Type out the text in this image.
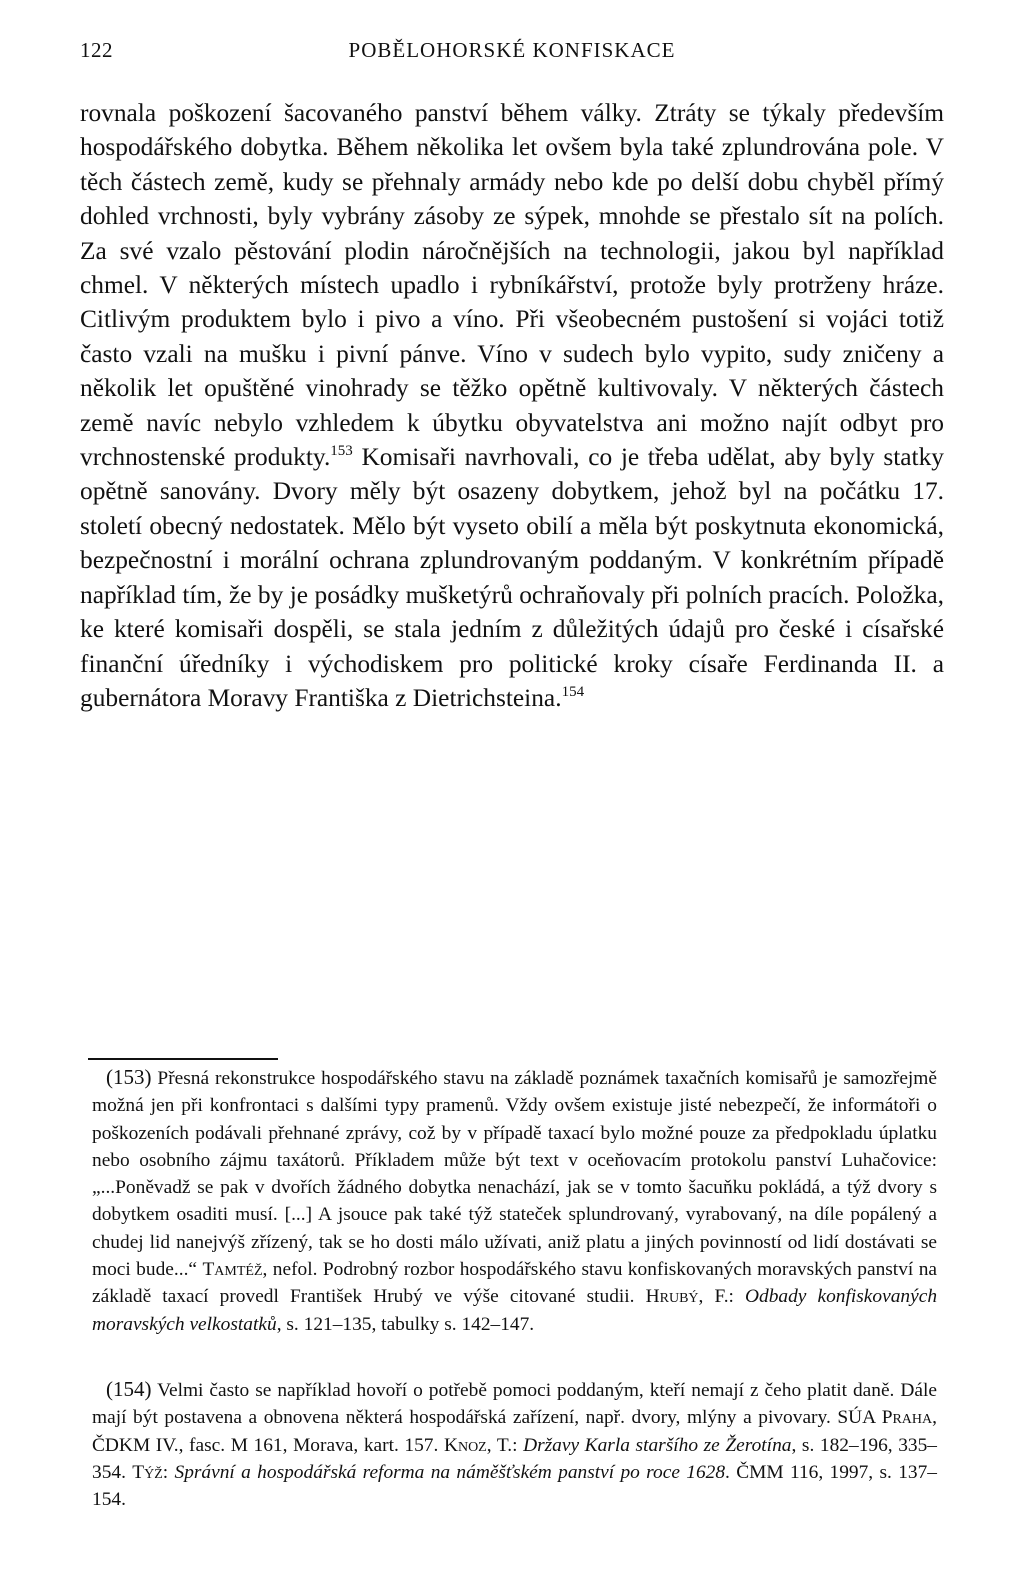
122	POBĚLOHORSKÉ KONFISKACE

rovnala poškození šacovaného panství během války. Ztráty se týkaly především hospodářského dobytka. Během několika let ovšem byla také zplundrována pole. V těch částech země, kudy se přehnaly armády nebo kde po delší dobu chyběl přímý dohled vrchnosti, byly vybrány zásoby ze sýpek, mnohde se přestalo sít na polích. Za své vzalo pěstování plodin náročnějších na technologii, jakou byl například chmel. V některých místech upadlo i rybníkářství, protože byly protrženy hráze. Citlivým produktem bylo i pivo a víno. Při všeobecném pustošení si vojáci totiž často vzali na mušku i pivní pánve. Víno v sudech bylo vypito, sudy zničeny a několik let opuštěné vinohrady se těžko opětně kultivovaly. V některých částech země navíc nebylo vzhledem k úbytku obyvatelstva ani možno najít odbyt pro vrchnostenské produkty.$^{153}$ Komisaři navrhovali, co je třeba udělat, aby byly statky opětně sanovány. Dvory měly být osazeny dobytkem, jehož byl na počátku 17. století obecný nedostatek. Mělo být vyseto obilí a měla být poskytnuta ekonomická, bezpečnostní i morální ochrana zplundrovaným poddaným. V konkrétním případě například tím, že by je posádky mušketýrů ochraňovaly při polních pracích. Položka, ke které komisaři dospěli, se stala jedním z důležitých údajů pro české i císařské finanční úředníky i východiskem pro politické kroky císaře Ferdinanda II. a gubernátora Moravy Františka z Dietrichsteina.$^{154}$

(153) Přesná rekonstrukce hospodářského stavu na základě poznámek taxačních komisařů je samozřejmě možná jen při konfrontaci s dalšími typy pramenů. Vždy ovšem existuje jisté nebezpečí, že informátoři o poškozeních podávali přehnané zprávy, což by v případě taxací bylo možné pouze za předpokladu úplatku nebo osobního zájmu taxátorů. Příkladem může být text v oceňovacím protokolu panství Luhačovice: „...Poněvadž se pak v dvořích žádného dobytka nenachází, jak se v tomto šacuňku pokládá, a týž dvory s dobytkem osaditi musí. [...] A jsouce pak také týž stateček splundrovaný, vyrabovaný, na díle popálený a chudej lid nanejvýš zřízený, tak se ho dosti málo užívati, aniž platu a jiných povinností od lidí dostávati se moci bude...“ Tamtéž, nefol. Podrobný rozbor hospodářského stavu konfiskovaných moravských panství na základě taxací provedl František Hrubý ve výše citované studii. Hrubý, F.: Odbady konfiskovaných moravských velkostatků, s. 121–135, tabulky s. 142–147.

(154) Velmi často se například hovoří o potřebě pomoci poddaným, kteří nemají z čeho platit daně. Dále mají být postavena a obnovena některá hospodářská zařízení, např. dvory, mlýny a pivovary. SÚA Praha, ČDKM IV., fasc. M 161, Morava, kart. 157. Knoz, T.: Državy Karla staršího ze Žerotína, s. 182–196, 335–354. Týž: Správní a hospodářská reforma na náměšťském panství po roce 1628. ČMM 116, 1997, s. 137–154.
